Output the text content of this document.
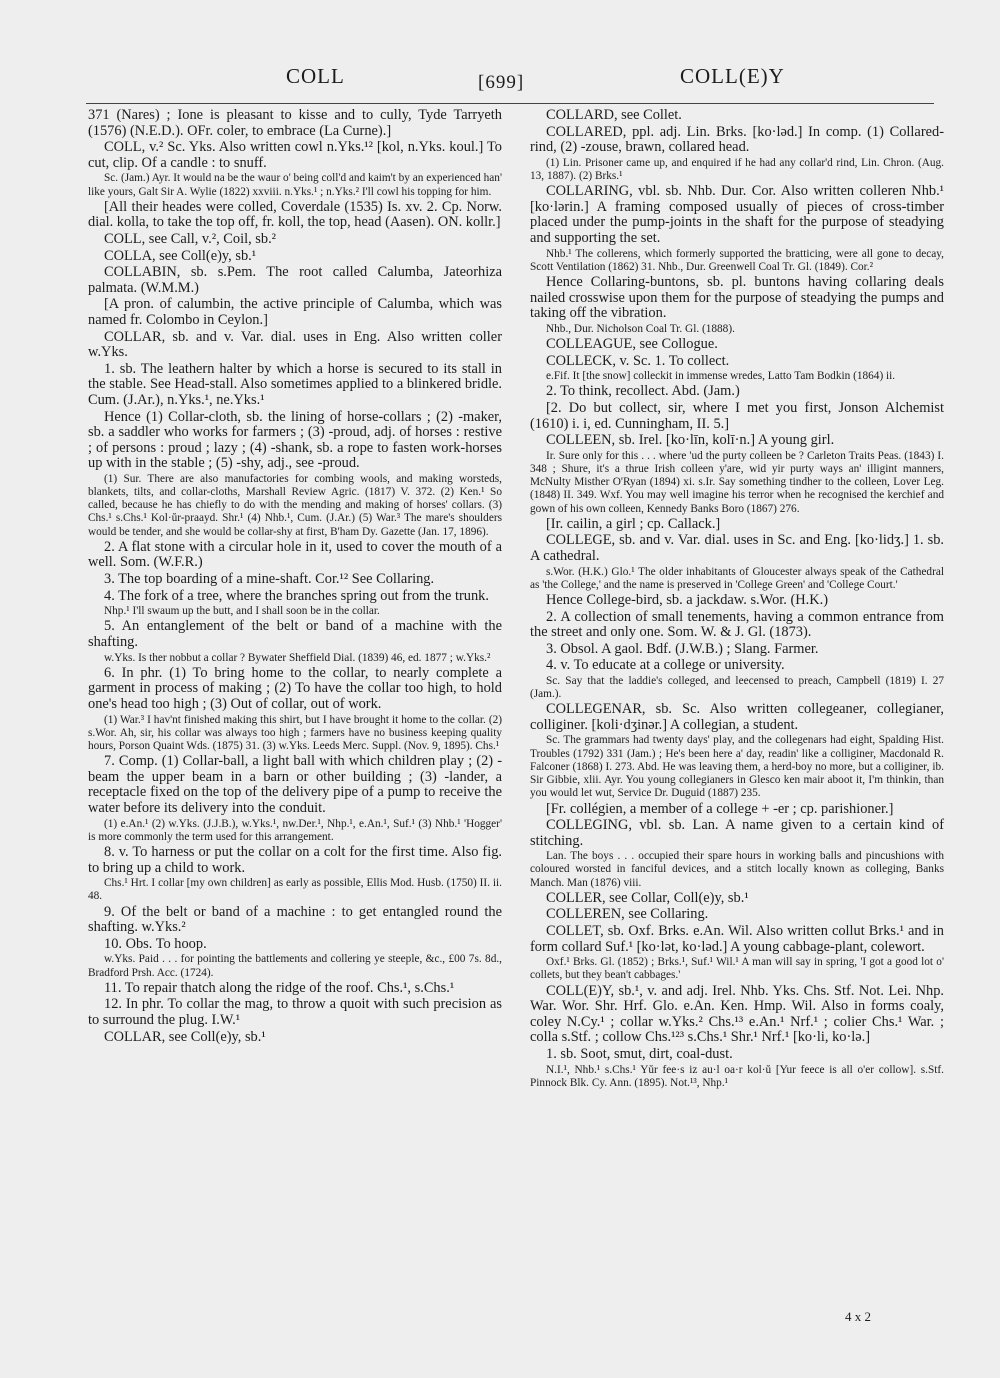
COLL	[699]	COLL(E)Y

371 (Nares) ; Ione is pleasant to kisse and to cully, Tyde Tarryeth (1576) (N.E.D.). OFr. coler, to embrace (La Curne).]

COLL, v.² Sc. Yks. Also written cowl n.Yks.¹² [kol, n.Yks. koul.] To cut, clip. Of a candle : to snuff.

Sc. (Jam.) Ayr. It would na be the waur o' being coll'd and kaim't by an experienced han' like yours, Galt Sir A. Wylie (1822) xxviii. n.Yks.¹ ; n.Yks.² I'll cowl his topping for him.

[All their heades were colled, Coverdale (1535) Is. xv. 2. Cp. Norw. dial. kolla, to take the top off, fr. koll, the top, head (Aasen). ON. kollr.]

COLL, see Call, v.², Coil, sb.²

COLLA, see Coll(e)y, sb.¹

COLLABIN, sb. s.Pem. The root called Calumba, Jateorhiza palmata. (W.M.M.)

[A pron. of calumbin, the active principle of Calumba, which was named fr. Colombo in Ceylon.]

COLLAR, sb. and v. Var. dial. uses in Eng. Also written coller w.Yks.

1. sb. The leathern halter by which a horse is secured to its stall in the stable. See Head-stall. Also sometimes applied to a blinkered bridle. Cum. (J.Ar.), n.Yks.¹, ne.Yks.¹

Hence (1) Collar-cloth, sb. the lining of horse-collars ; (2) -maker, sb. a saddler who works for farmers ; (3) -proud, adj. of horses : restive ; of persons : proud ; lazy ; (4) -shank, sb. a rope to fasten work-horses up with in the stable ; (5) -shy, adj., see -proud.

(1) Sur. There are also manufactories for combing wools, and making worsteds, blankets, tilts, and collar-cloths, Marshall Review Agric. (1817) V. 372. (2) Ken.¹ So called, because he has chiefly to do with the mending and making of horses' collars. (3) Chs.¹ s.Chs.¹ Kol·ŭr-praayd. Shr.¹ (4) Nhb.¹, Cum. (J.Ar.) (5) War.³ The mare's shoulders would be tender, and she would be collar-shy at first, B'ham Dy. Gazette (Jan. 17, 1896).

2. A flat stone with a circular hole in it, used to cover the mouth of a well. Som. (W.F.R.)

3. The top boarding of a mine-shaft. Cor.¹² See Collaring.

4. The fork of a tree, where the branches spring out from the trunk.

Nhp.¹ I'll swaum up the butt, and I shall soon be in the collar.

5. An entanglement of the belt or band of a machine with the shafting.

w.Yks. Is ther nobbut a collar ? Bywater Sheffield Dial. (1839) 46, ed. 1877 ; w.Yks.²

6. In phr. (1) To bring home to the collar, to nearly complete a garment in process of making ; (2) To have the collar too high, to hold one's head too high ; (3) Out of collar, out of work.

(1) War.³ I hav'nt finished making this shirt, but I have brought it home to the collar. (2) s.Wor. Ah, sir, his collar was always too high ; farmers have no business keeping quality hours, Porson Quaint Wds. (1875) 31. (3) w.Yks. Leeds Merc. Suppl. (Nov. 9, 1895). Chs.¹

7. Comp. (1) Collar-ball, a light ball with which children play ; (2) -beam the upper beam in a barn or other building ; (3) -lander, a receptacle fixed on the top of the delivery pipe of a pump to receive the water before its delivery into the conduit.

(1) e.An.¹ (2) w.Yks. (J.J.B.), w.Yks.¹, nw.Der.¹, Nhp.¹, e.An.¹, Suf.¹ (3) Nhb.¹ 'Hogger' is more commonly the term used for this arrangement.

8. v. To harness or put the collar on a colt for the first time. Also fig. to bring up a child to work.

Chs.¹ Hrt. I collar [my own children] as early as possible, Ellis Mod. Husb. (1750) II. ii. 48.

9. Of the belt or band of a machine : to get entangled round the shafting. w.Yks.²

10. Obs. To hoop.

w.Yks. Paid . . . for pointing the battlements and collering ye steeple, &c., £00 7s. 8d., Bradford Prsh. Acc. (1724).

11. To repair thatch along the ridge of the roof. Chs.¹, s.Chs.¹

12. In phr. To collar the mag, to throw a quoit with such precision as to surround the plug. I.W.¹

COLLAR, see Coll(e)y, sb.¹

COLLARD, see Collet.

COLLARED, ppl. adj. Lin. Brks. [ko·lәd.] In comp. (1) Collared-rind, (2) -zouse, brawn, collared head.

(1) Lin. Prisoner came up, and enquired if he had any collar'd rind, Lin. Chron. (Aug. 13, 1887). (2) Brks.¹

COLLARING, vbl. sb. Nhb. Dur. Cor. Also written colleren Nhb.¹ [ko·lәrin.] A framing composed usually of pieces of cross-timber placed under the pump-joints in the shaft for the purpose of steadying and supporting the set.

Nhb.¹ The collerens, which formerly supported the bratticing, were all gone to decay, Scott Ventilation (1862) 31. Nhb., Dur. Greenwell Coal Tr. Gl. (1849). Cor.²

Hence Collaring-buntons, sb. pl. buntons having collaring deals nailed crosswise upon them for the purpose of steadying the pumps and taking off the vibration.

Nhb., Dur. Nicholson Coal Tr. Gl. (1888).

COLLEAGUE, see Collogue.

COLLECK, v. Sc. 1. To collect.

e.Fif. It [the snow] colleckit in immense wredes, Latto Tam Bodkin (1864) ii.

2. To think, recollect. Abd. (Jam.)

[2. Do but collect, sir, where I met you first, Jonson Alchemist (1610) i. i, ed. Cunningham, II. 5.]

COLLEEN, sb. Irel. [ko·līn, kolī·n.] A young girl.

Ir. Sure only for this . . . where 'ud the purty colleen be ? Carleton Traits Peas. (1843) I. 348 ; Shure, it's a thrue Irish colleen y'are, wid yir purty ways an' illigint manners, McNulty Misther O'Ryan (1894) xi. s.Ir. Say something tindher to the colleen, Lover Leg. (1848) II. 349. Wxf. You may well imagine his terror when he recognised the kerchief and gown of his own colleen, Kennedy Banks Boro (1867) 276.

[Ir. cailin, a girl ; cp. Callack.]

COLLEGE, sb. and v. Var. dial. uses in Sc. and Eng. [ko·lidʒ.] 1. sb. A cathedral.

s.Wor. (H.K.) Glo.¹ The older inhabitants of Gloucester always speak of the Cathedral as 'the College,' and the name is preserved in 'College Green' and 'College Court.'

Hence College-bird, sb. a jackdaw. s.Wor. (H.K.)

2. A collection of small tenements, having a common entrance from the street and only one. Som. W. & J. Gl. (1873).

3. Obsol. A gaol. Bdf. (J.W.B.) ; Slang. Farmer.

4. v. To educate at a college or university.

Sc. Say that the laddie's colleged, and leecensed to preach, Campbell (1819) I. 27 (Jam.).

COLLEGENAR, sb. Sc. Also written collegeaner, collegianer, colliginer. [koli·dʒinәr.] A collegian, a student.

Sc. The grammars had twenty days' play, and the collegenars had eight, Spalding Hist. Troubles (1792) 331 (Jam.) ; He's been here a' day, readin' like a colliginer, Macdonald R. Falconer (1868) I. 273. Abd. He was leaving them, a herd-boy no more, but a colliginer, ib. Sir Gibbie, xlii. Ayr. You young collegianers in Glesco ken mair aboot it, I'm thinkin, than you would let wut, Service Dr. Duguid (1887) 235.

[Fr. collégien, a member of a college + -er ; cp. parishioner.]

COLLEGING, vbl. sb. Lan. A name given to a certain kind of stitching.

Lan. The boys . . . occupied their spare hours in working balls and pincushions with coloured worsted in fanciful devices, and a stitch locally known as colleging, Banks Manch. Man (1876) viii.

COLLER, see Collar, Coll(e)y, sb.¹

COLLEREN, see Collaring.

COLLET, sb. Oxf. Brks. e.An. Wil. Also written collut Brks.¹ and in form collard Suf.¹ [ko·lәt, ko·lәd.] A young cabbage-plant, colewort.

Oxf.¹ Brks. Gl. (1852) ; Brks.¹, Suf.¹ Wil.¹ A man will say in spring, 'I got a good lot o' collets, but they bean't cabbages.'

COLL(E)Y, sb.¹, v. and adj. Irel. Nhb. Yks. Chs. Stf. Not. Lei. Nhp. War. Wor. Shr. Hrf. Glo. e.An. Ken. Hmp. Wil. Also in forms coaly, coley N.Cy.¹ ; collar w.Yks.² Chs.¹³ e.An.¹ Nrf.¹ ; colier Chs.¹ War. ; colla s.Stf. ; collow Chs.¹²³ s.Chs.¹ Shr.¹ Nrf.¹ [ko·li, ko·lә.]

1. sb. Soot, smut, dirt, coal-dust.

N.I.¹, Nhb.¹ s.Chs.¹ Yŭr fee·s iz au·l oa·r kol·ŭ [Yur feece is all o'er collow]. s.Stf. Pinnock Blk. Cy. Ann. (1895). Not.¹³, Nhp.¹

4 x 2
